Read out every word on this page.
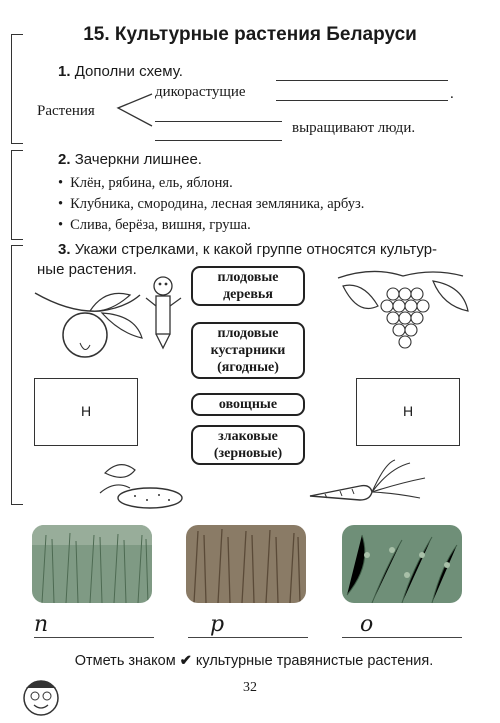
15. Культурные растения Беларуси
1. Дополни схему.
Растения
дикорастущие	.
выращивают люди.
2. Зачеркни лишнее.
• Клён, рябина, ель, яблоня.
• Клубника, смородина, лесная земляника, арбуз.
• Слива, берёза, вишня, груша.
3. Укажи стрелками, к какой группе относятся культур-
ные растения.	плодовые
деревья
плодовые
кустарники
(ягодные)
овощные
злаковые
(зерновые)
Н	Н
п	р	о
Отметь знаком ✔ культурные травянистые растения.
32
